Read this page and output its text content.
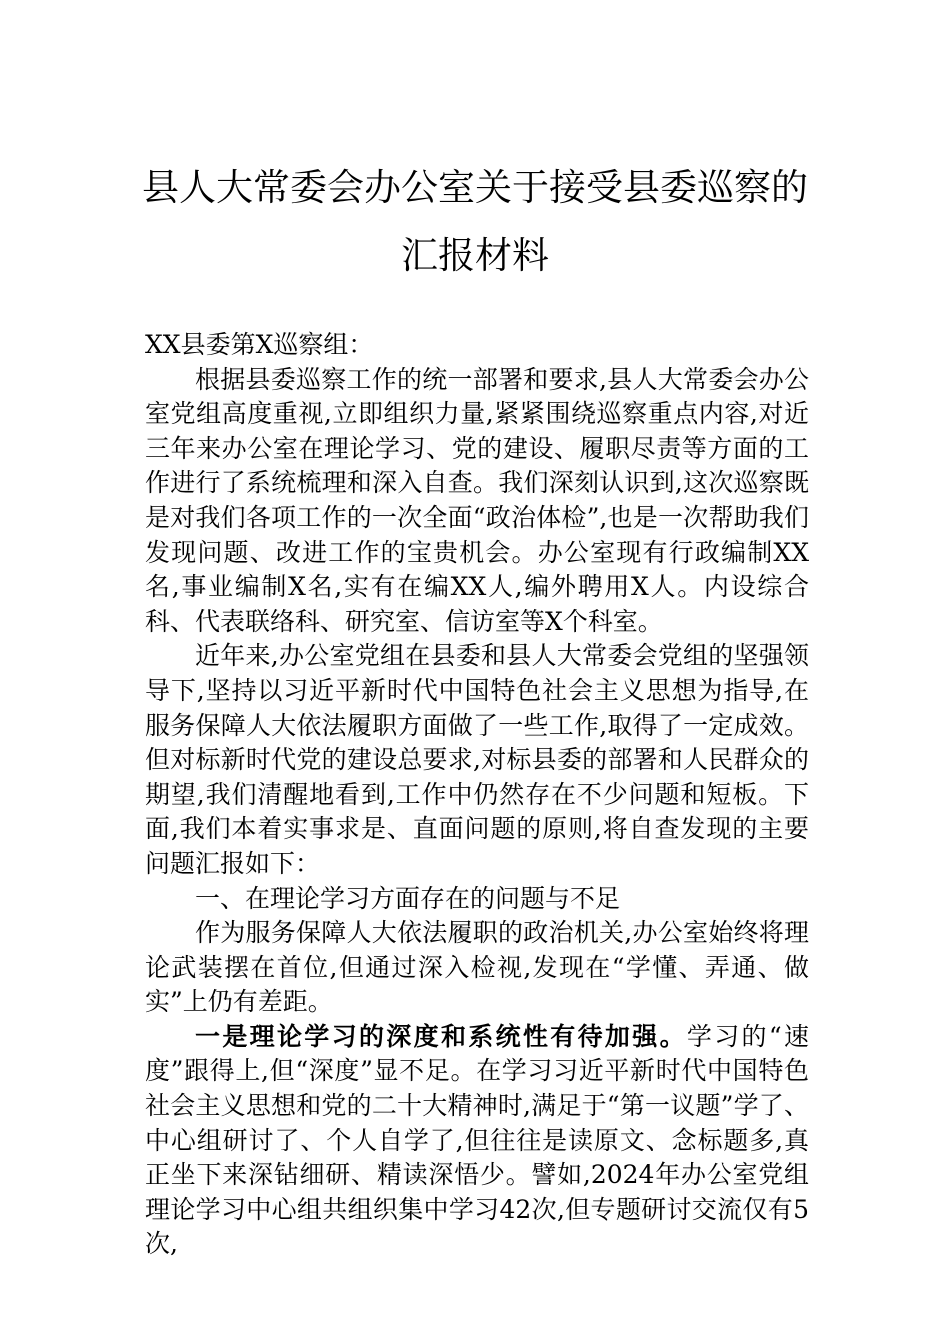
县人大常委会办公室关于接受县委巡察的
汇报材料

XX县委第X巡察组：

根据县委巡察工作的统一部署和要求,县人大常委会办公室党组高度重视,立即组织力量,紧紧围绕巡察重点内容,对近三年来办公室在理论学习、党的建设、履职尽责等方面的工作进行了系统梳理和深入自查。我们深刻认识到,这次巡察既是对我们各项工作的一次全面“政治体检”,也是一次帮助我们发现问题、改进工作的宝贵机会。办公室现有行政编制XX名,事业编制X名,实有在编XX人,编外聘用X人。内设综合科、代表联络科、研究室、信访室等X个科室。

近年来,办公室党组在县委和县人大常委会党组的坚强领导下,坚持以习近平新时代中国特色社会主义思想为指导,在服务保障人大依法履职方面做了一些工作,取得了一定成效。但对标新时代党的建设总要求,对标县委的部署和人民群众的期望,我们清醒地看到,工作中仍然存在不少问题和短板。下面,我们本着实事求是、直面问题的原则,将自查发现的主要问题汇报如下：

一、在理论学习方面存在的问题与不足

作为服务保障人大依法履职的政治机关,办公室始终将理论武装摆在首位,但通过深入检视,发现在“学懂、弄通、做实”上仍有差距。

一是理论学习的深度和系统性有待加强。学习的“速度”跟得上,但“深度”显不足。在学习习近平新时代中国特色社会主义思想和党的二十大精神时,满足于“第一议题”学了、中心组研讨了、个人自学了,但往往是读原文、念标题多,真正坐下来深钻细研、精读深悟少。譬如,2024年办公室党组理论学习中心组共组织集中学习42次,但专题研讨交流仅有5次,
